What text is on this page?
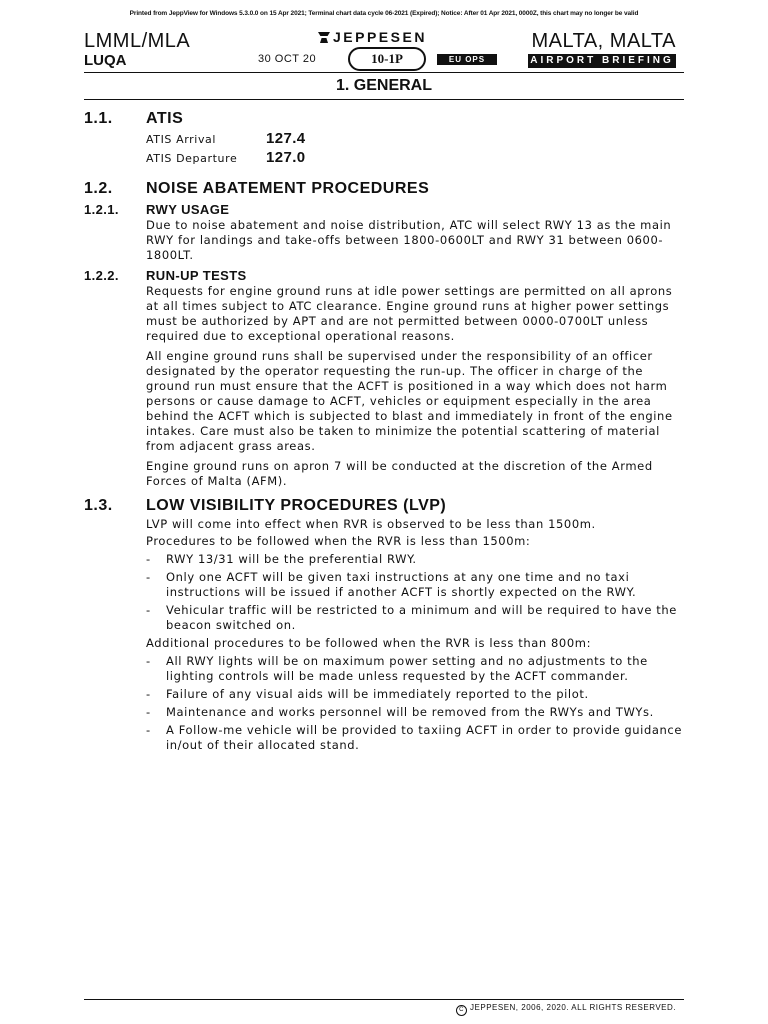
Printed from JeppView for Windows 5.3.0.0 on 15 Apr 2021; Terminal chart data cycle 06-2021 (Expired); Notice: After 01 Apr 2021, 0000Z, this chart may no longer be valid
LMML/MLA
LUQA
JEPPESEN
30 OCT 20	10-1P	EU OPS
MALTA, MALTA
AIRPORT BRIEFING
1. GENERAL
1.1.	ATIS
ATIS Arrival	127.4
ATIS Departure	127.0
1.2.	NOISE ABATEMENT PROCEDURES
1.2.1.	RWY USAGE

Due to noise abatement and noise distribution, ATC will select RWY 13 as the main RWY for landings and take-offs between 1800-0600LT and RWY 31 between 0600-1800LT.

1.2.2.	RUN-UP TESTS

Requests for engine ground runs at idle power settings are permitted on all aprons at all times subject to ATC clearance. Engine ground runs at higher power settings must be authorized by APT and are not permitted between 0000-0700LT unless required due to exceptional operational reasons.

All engine ground runs shall be supervised under the responsibility of an officer designated by the operator requesting the run-up. The officer in charge of the ground run must ensure that the ACFT is positioned in a way which does not harm persons or cause damage to ACFT, vehicles or equipment especially in the area behind the ACFT which is subjected to blast and immediately in front of the engine intakes. Care must also be taken to minimize the potential scattering of material from adjacent grass areas.

Engine ground runs on apron 7 will be conducted at the discretion of the Armed Forces of Malta (AFM).

1.3.	LOW VISIBILITY PROCEDURES (LVP)

LVP will come into effect when RVR is observed to be less than 1500m.

Procedures to be followed when the RVR is less than 1500m:

-	RWY 13/31 will be the preferential RWY.
-	Only one ACFT will be given taxi instructions at any one time and no taxi instructions will be issued if another ACFT is shortly expected on the RWY.
-	Vehicular traffic will be restricted to a minimum and will be required to have the beacon switched on.

Additional procedures to be followed when the RVR is less than 800m:

-	All RWY lights will be on maximum power setting and no adjustments to the lighting controls will be made unless requested by the ACFT commander.
-	Failure of any visual aids will be immediately reported to the pilot.
-	Maintenance and works personnel will be removed from the RWYs and TWYs.
-	A Follow-me vehicle will be provided to taxiing ACFT in order to provide guidance in/out of their allocated stand.
C JEPPESEN, 2006, 2020. ALL RIGHTS RESERVED.
